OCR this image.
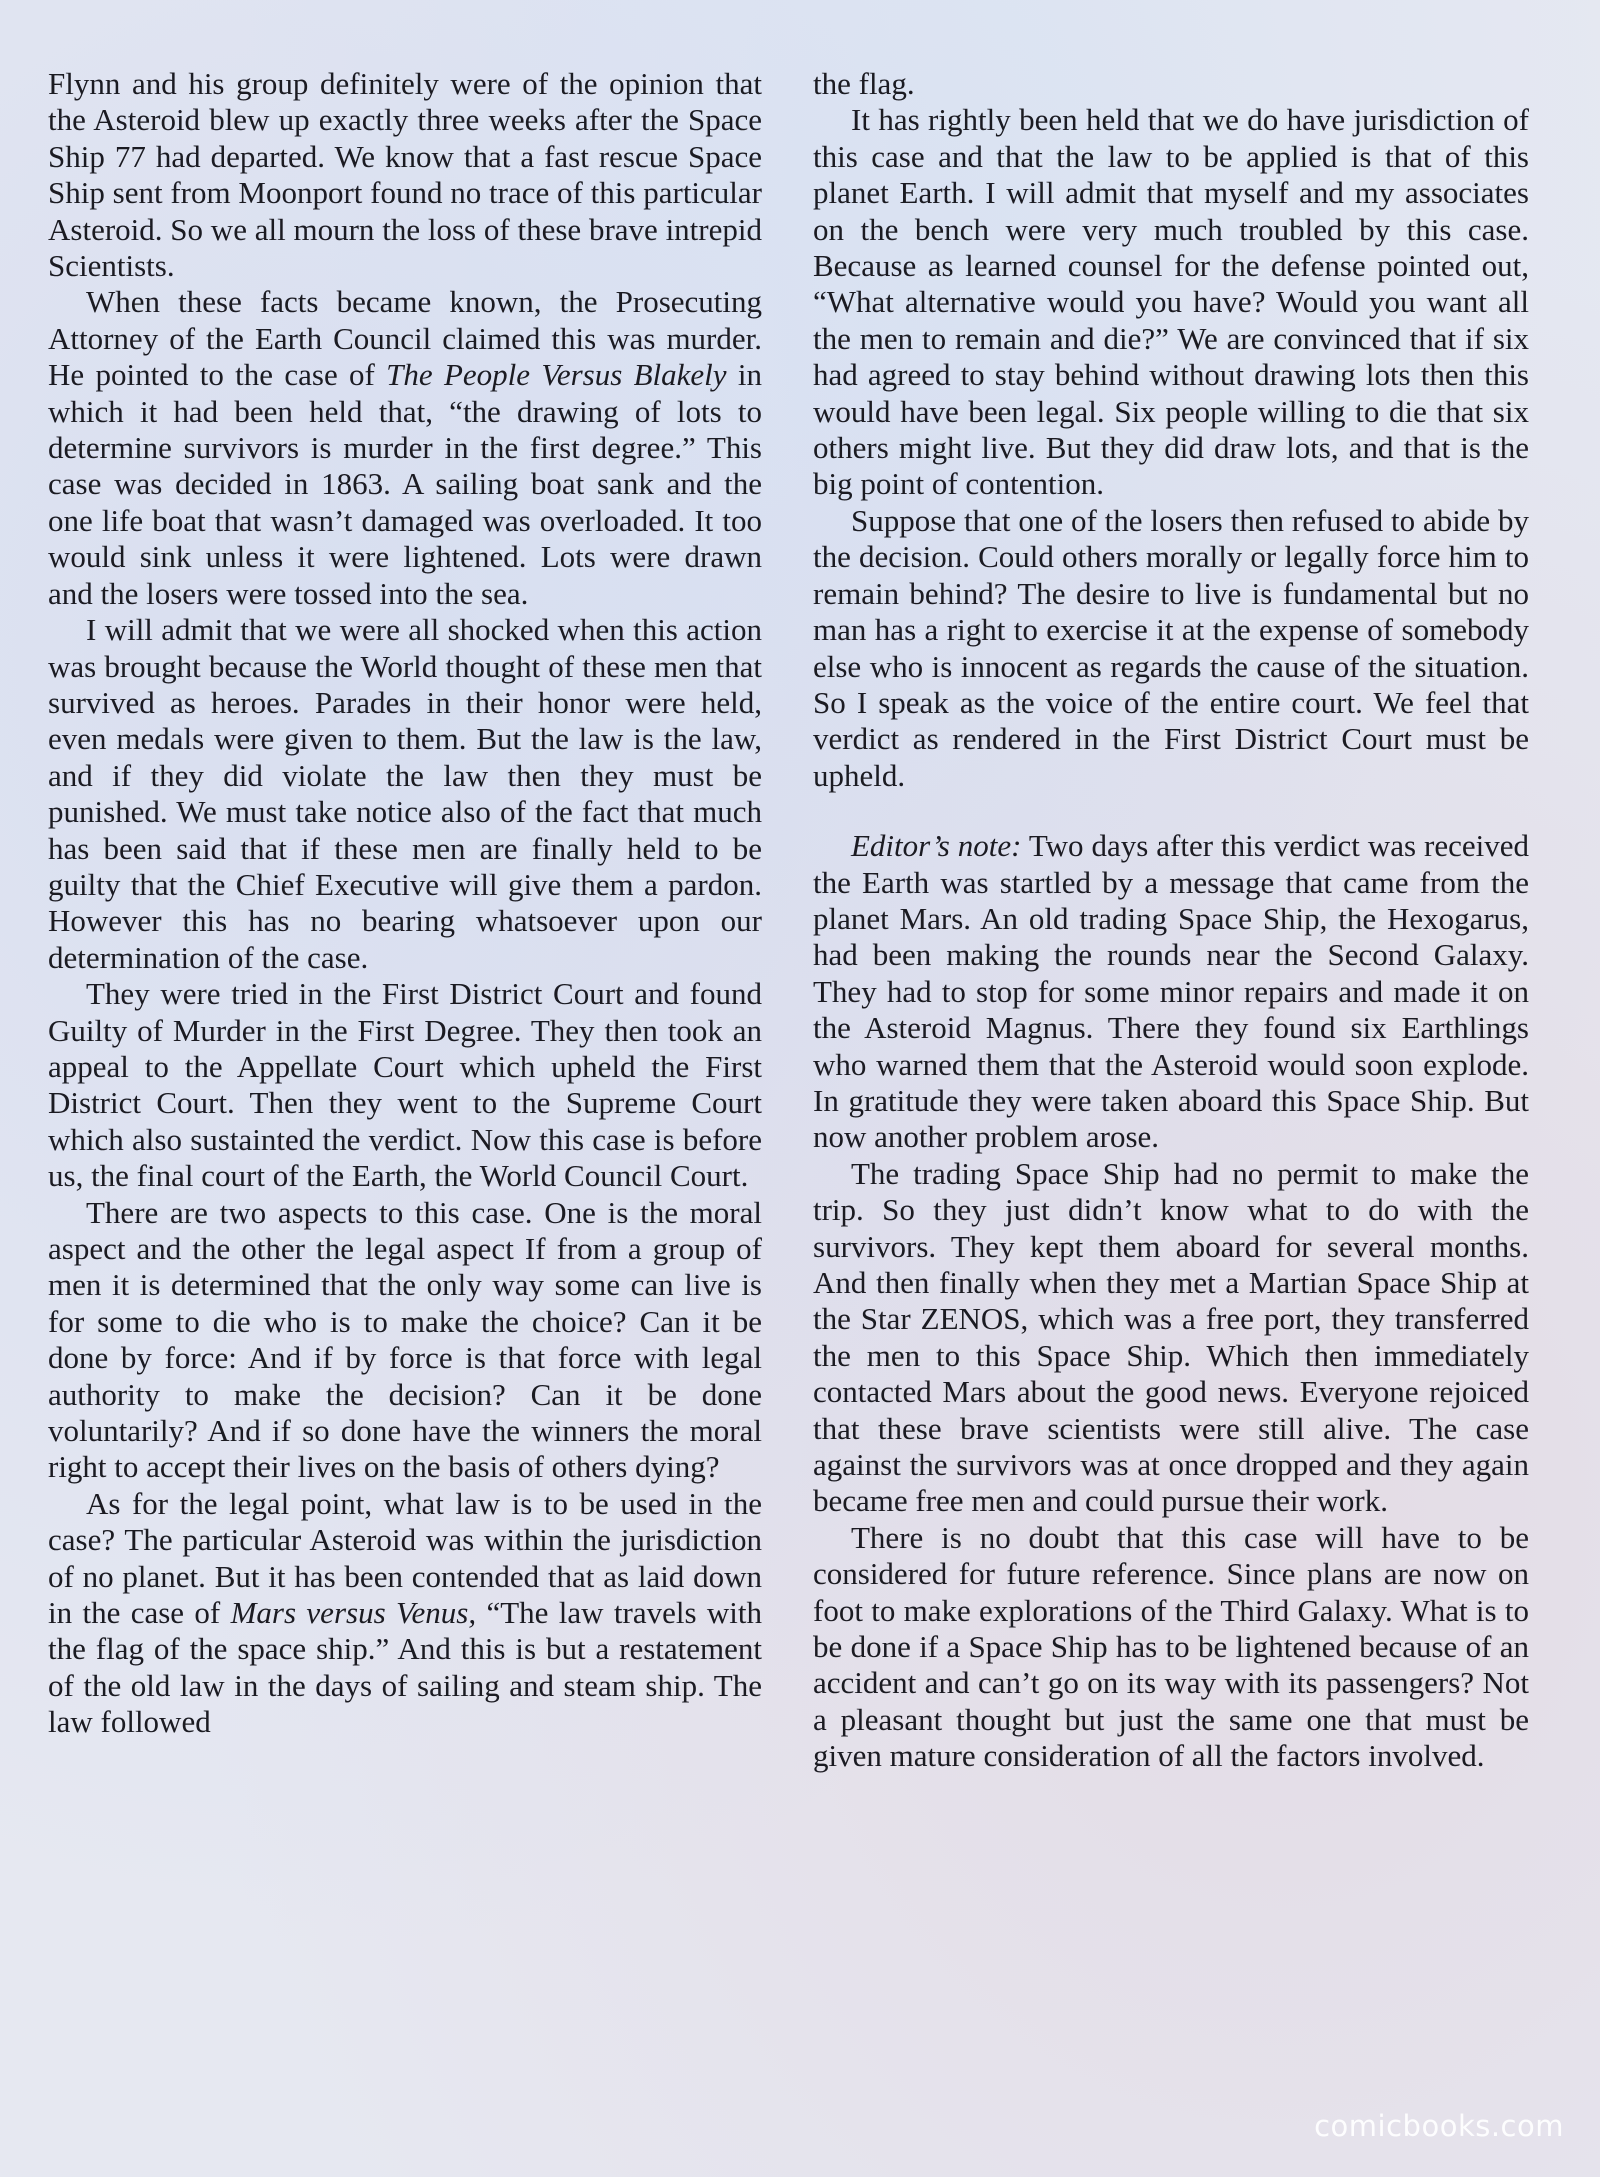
Flynn and his group definitely were of the opinion that the Asteroid blew up exactly three weeks after the Space Ship 77 had departed. We know that a fast rescue Space Ship sent from Moonport found no trace of this particular Asteroid. So we all mourn the loss of these brave intrepid Scientists.

When these facts became known, the Prosecuting Attorney of the Earth Council claimed this was murder. He pointed to the case of The People Versus Blakely in which it had been held that, “the drawing of lots to determine survivors is murder in the first degree.” This case was decided in 1863. A sailing boat sank and the one life boat that wasn’t damaged was overloaded. It too would sink unless it were lightened. Lots were drawn and the losers were tossed into the sea.

I will admit that we were all shocked when this action was brought because the World thought of these men that survived as heroes. Parades in their honor were held, even medals were given to them. But the law is the law, and if they did violate the law then they must be punished. We must take notice also of the fact that much has been said that if these men are finally held to be guilty that the Chief Executive will give them a pardon. However this has no bearing whatsoever upon our determination of the case.

They were tried in the First District Court and found Guilty of Murder in the First Degree. They then took an appeal to the Appellate Court which upheld the First District Court. Then they went to the Supreme Court which also sustainted the verdict. Now this case is before us, the final court of the Earth, the World Council Court.

There are two aspects to this case. One is the moral aspect and the other the legal aspect If from a group of men it is determined that the only way some can live is for some to die who is to make the choice? Can it be done by force: And if by force is that force with legal authority to make the decision? Can it be done voluntarily? And if so done have the winners the moral right to accept their lives on the basis of others dying?

As for the legal point, what law is to be used in the case? The particular Asteroid was within the jurisdiction of no planet. But it has been contended that as laid down in the case of Mars versus Venus, “The law travels with the flag of the space ship.” And this is but a restatement of the old law in the days of sailing and steam ship. The law followed

the flag.

It has rightly been held that we do have jurisdiction of this case and that the law to be applied is that of this planet Earth. I will admit that myself and my associates on the bench were very much troubled by this case. Because as learned counsel for the defense pointed out, “What alternative would you have? Would you want all the men to remain and die?” We are convinced that if six had agreed to stay behind without drawing lots then this would have been legal. Six people willing to die that six others might live. But they did draw lots, and that is the big point of contention.

Suppose that one of the losers then refused to abide by the decision. Could others morally or legally force him to remain behind? The desire to live is fundamental but no man has a right to exercise it at the expense of somebody else who is innocent as regards the cause of the situation. So I speak as the voice of the entire court. We feel that verdict as rendered in the First District Court must be upheld.

Editor’s note: Two days after this verdict was received the Earth was startled by a message that came from the planet Mars. An old trading Space Ship, the Hexogarus, had been making the rounds near the Second Galaxy. They had to stop for some minor repairs and made it on the Asteroid Magnus. There they found six Earthlings who warned them that the Asteroid would soon explode. In gratitude they were taken aboard this Space Ship. But now another problem arose.

The trading Space Ship had no permit to make the trip. So they just didn’t know what to do with the survivors. They kept them aboard for several months. And then finally when they met a Martian Space Ship at the Star ZENOS, which was a free port, they transferred the men to this Space Ship. Which then immediately contacted Mars about the good news. Everyone rejoiced that these brave scientists were still alive. The case against the survivors was at once dropped and they again became free men and could pursue their work.

There is no doubt that this case will have to be considered for future reference. Since plans are now on foot to make explorations of the Third Galaxy. What is to be done if a Space Ship has to be lightened because of an accident and can’t go on its way with its passengers? Not a pleasant thought but just the same one that must be given mature consideration of all the factors involved.

comicbooks.com
